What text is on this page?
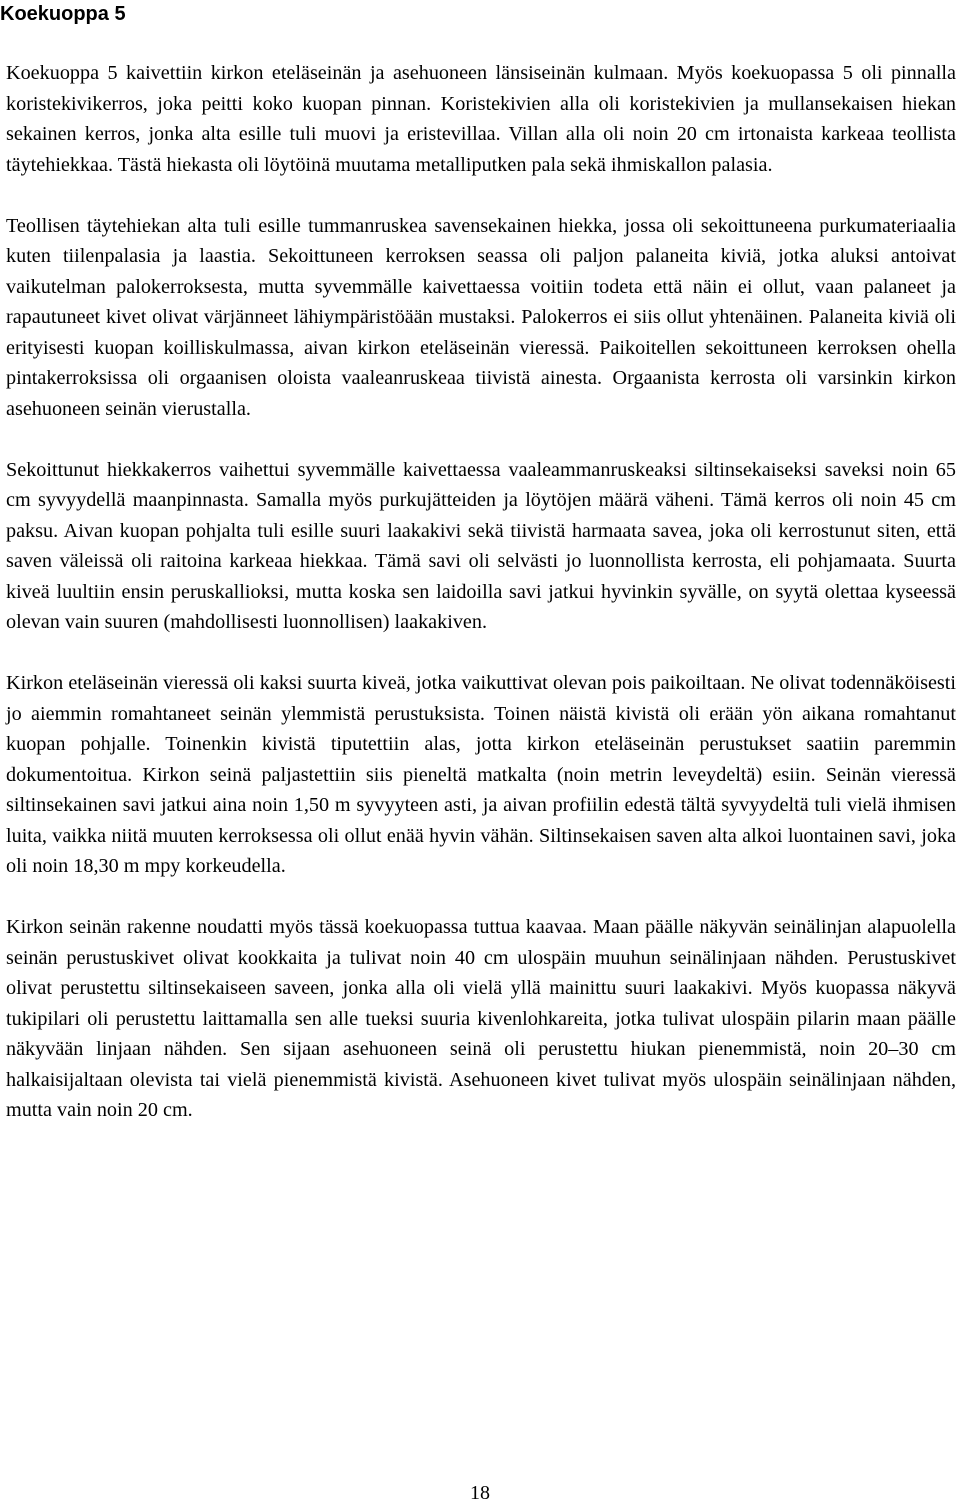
Koekuoppa 5

Koekuoppa 5 kaivettiin kirkon eteläseinän ja asehuoneen länsiseinän kulmaan. Myös koekuopassa 5 oli pinnalla koristekivikerros, joka peitti koko kuopan pinnan. Koristekivien alla oli koristekivien ja mullansekaisen hiekan sekainen kerros, jonka alta esille tuli muovi ja eristevillaa. Villan alla oli noin 20 cm irtonaista karkeaa teollista täytehiekkaa. Tästä hiekasta oli löytöinä muutama metalliputken pala sekä ihmiskallon palasia.

Teollisen täytehiekan alta tuli esille tummanruskea savensekainen hiekka, jossa oli sekoittuneena purkumateriaalia kuten tiilenpalasia ja laastia. Sekoittuneen kerroksen seassa oli paljon palaneita kiviä, jotka aluksi antoivat vaikutelman palokerroksesta, mutta syvemmälle kaivettaessa voitiin todeta että näin ei ollut, vaan palaneet ja rapautuneet kivet olivat värjänneet lähiympäristöään mustaksi. Palokerros ei siis ollut yhtenäinen. Palaneita kiviä oli erityisesti kuopan koilliskulmassa, aivan kirkon eteläseinän vieressä. Paikoitellen sekoittuneen kerroksen ohella pintakerroksissa oli orgaanisen oloista vaaleanruskeaa tiivistä ainesta. Orgaanista kerrosta oli varsinkin kirkon asehuoneen seinän vierustalla.

Sekoittunut hiekkakerros vaihettui syvemmälle kaivettaessa vaaleammanruskeaksi siltinsekaiseksi saveksi noin 65 cm syvyydellä maanpinnasta. Samalla myös purkujätteiden ja löytöjen määrä väheni. Tämä kerros oli noin 45 cm paksu. Aivan kuopan pohjalta tuli esille suuri laakakivi sekä tiivistä harmaata savea, joka oli kerrostunut siten, että saven väleissä oli raitoina karkeaa hiekkaa. Tämä savi oli selvästi jo luonnollista kerrosta, eli pohjamaata. Suurta kiveä luultiin ensin peruskallioksi, mutta koska sen laidoilla savi jatkui hyvinkin syvälle, on syytä olettaa kyseessä olevan vain suuren (mahdollisesti luonnollisen) laakakiven.

Kirkon eteläseinän vieressä oli kaksi suurta kiveä, jotka vaikuttivat olevan pois paikoiltaan. Ne olivat todennäköisesti jo aiemmin romahtaneet seinän ylemmistä perustuksista. Toinen näistä kivistä oli erään yön aikana romahtanut kuopan pohjalle. Toinenkin kivistä tiputettiin alas, jotta kirkon eteläseinän perustukset saatiin paremmin dokumentoitua. Kirkon seinä paljastettiin siis pieneltä matkalta (noin metrin leveydeltä) esiin. Seinän vieressä siltinsekainen savi jatkui aina noin 1,50 m syvyyteen asti, ja aivan profiilin edestä tältä syvyydeltä tuli vielä ihmisen luita, vaikka niitä muuten kerroksessa oli ollut enää hyvin vähän. Siltinsekaisen saven alta alkoi luontainen savi, joka oli noin 18,30 m mpy korkeudella.

Kirkon seinän rakenne noudatti myös tässä koekuopassa tuttua kaavaa. Maan päälle näkyvän seinälinjan alapuolella seinän perustuskivet olivat kookkaita ja tulivat noin 40 cm ulospäin muuhun seinälinjaan nähden. Perustuskivet olivat perustettu siltinsekaiseen saveen, jonka alla oli vielä yllä mainittu suuri laakakivi. Myös kuopassa näkyvä tukipilari oli perustettu laittamalla sen alle tueksi suuria kivenlohkareita, jotka tulivat ulospäin pilarin maan päälle näkyvään linjaan nähden. Sen sijaan asehuoneen seinä oli perustettu hiukan pienemmistä, noin 20–30 cm halkaisijaltaan olevista tai vielä pienemmistä kivistä. Asehuoneen kivet tulivat myös ulospäin seinälinjaan nähden, mutta vain noin 20 cm.

18
